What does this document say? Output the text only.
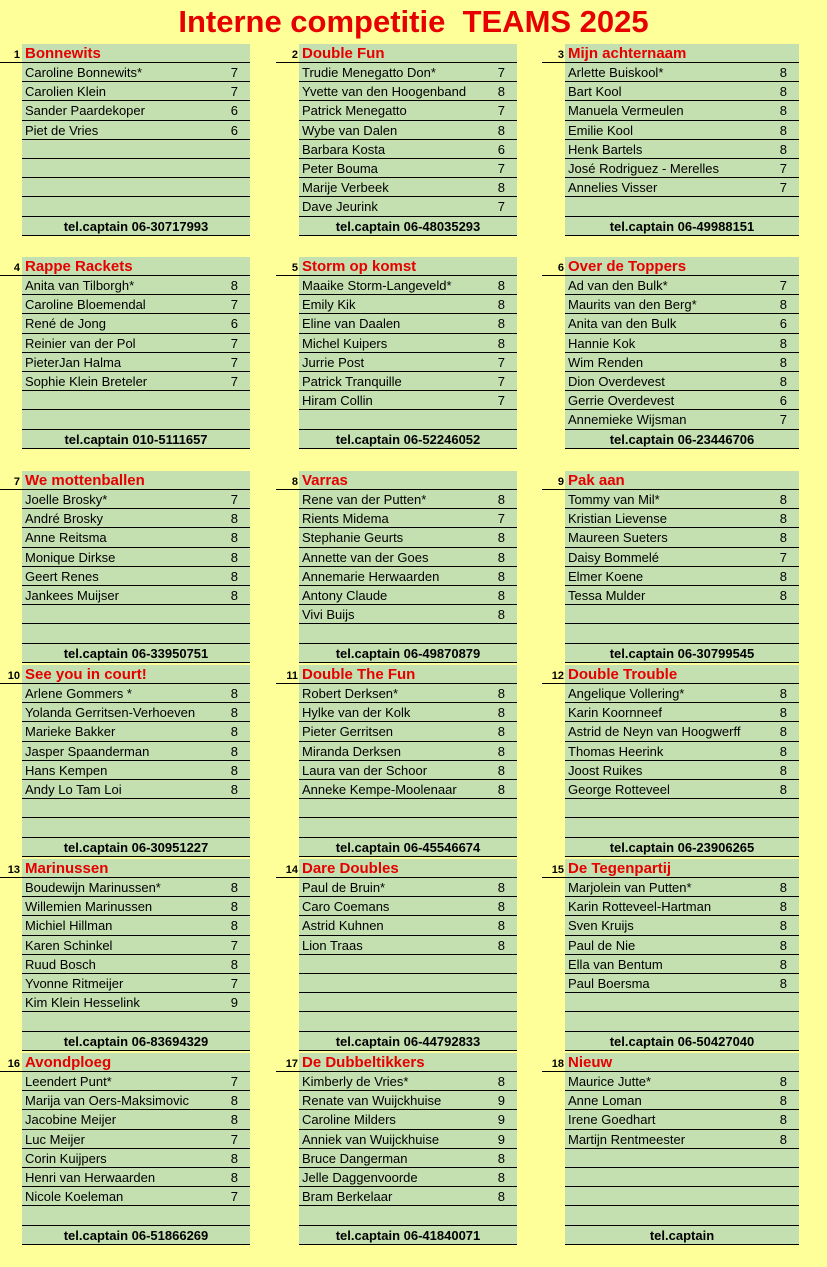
Interne competitie  TEAMS 2025
1 Bonnewits
Caroline Bonnewits*	7
Carolien Klein	7
Sander Paardekoper	6
Piet de Vries	6
tel.captain 06-30717993
2 Double Fun
Trudie Menegatto Don*	7
Yvette van den Hoogenband 8
Patrick Menegatto	7
Wybe van Dalen	8
Barbara Kosta	6
Peter Bouma	7
Marije Verbeek	8
Dave Jeurink	7
tel.captain 06-48035293
3 Mijn achternaam
Arlette Buiskool*	8
Bart Kool	8
Manuela Vermeulen	8
Emilie Kool	8
Henk Bartels	8
José Rodriguez - Merelles	7
Annelies Visser	7
tel.captain 06-49988151
4 Rappe Rackets
Anita van Tilborgh*	8
Caroline Bloemendal	7
René de Jong	6
Reinier van der Pol	7
PieterJan Halma	7
Sophie Klein Breteler	7
tel.captain 010-5111657
5 Storm op komst
Maaike Storm-Langeveld*	8
Emily Kik	8
Eline van Daalen	8
Michel Kuipers	8
Jurrie Post	7
Patrick Tranquille	7
Hiram Collin	7
tel.captain 06-52246052
6 Over de Toppers
Ad van den Bulk*	7
Maurits van den Berg*	8
Anita van den Bulk	6
Hannie Kok	8
Wim Renden	8
Dion Overdevest	8
Gerrie Overdevest	6
Annemieke Wijsman	7
tel.captain 06-23446706
7 We mottenballen
Joelle Brosky*	7
André Brosky	8
Anne Reitsma	8
Monique Dirkse	8
Geert Renes	8
Jankees Muijser	8
tel.captain 06-33950751
8 Varras
Rene van der Putten*	8
Rients Midema	7
Stephanie Geurts	8
Annette van der Goes	8
Annemarie Herwaarden	8
Antony Claude	8
Vivi Buijs	8
tel.captain 06-49870879
9 Pak aan
Tommy van Mil*	8
Kristian Lievense	8
Maureen Sueters	8
Daisy Bommelé	7
Elmer Koene	8
Tessa Mulder	8
tel.captain 06-30799545
10 See you in court!
Arlene Gommers *	8
Yolanda Gerritsen-Verhoeven	8
Marieke Bakker	8
Jasper Spaanderman	8
Hans Kempen	8
Andy Lo Tam Loi	8
tel.captain 06-30951227
11 Double The Fun
Robert Derksen*	8
Hylke van der Kolk	8
Pieter Gerritsen	8
Miranda Derksen	8
Laura van der Schoor	8
Anneke Kempe-Moolenaar	8
tel.captain 06-45546674
12 Double Trouble
Angelique Vollering*	8
Karin Koornneef	8
Astrid de Neyn van Hoogwerff	8
Thomas Heerink	8
Joost Ruikes	8
George Rotteveel	8
tel.captain 06-23906265
13 Marinussen
Boudewijn Marinussen*	8
Willemien Marinussen	8
Michiel Hillman	8
Karen Schinkel	7
Ruud Bosch	8
Yvonne Ritmeijer	7
Kim Klein Hesselink	9
tel.captain 06-83694329
14 Dare Doubles
Paul de Bruin*	8
Caro Coemans	8
Astrid Kuhnen	8
Lion Traas	8
tel.captain 06-44792833
15 De Tegenpartij
Marjolein van Putten*	8
Karin Rotteveel-Hartman	8
Sven Kruijs	8
Paul de Nie	8
Ella van Bentum	8
Paul Boersma	8
tel.captain 06-50427040
16 Avondploeg
Leendert Punt*	7
Marija van Oers-Maksimovic	8
Jacobine Meijer	8
Luc Meijer	7
Corin Kuijpers	8
Henri van Herwaarden	8
Nicole Koeleman	7
tel.captain 06-51866269
17 De Dubbeltikkers
Kimberly de Vries*	8
Renate van Wuijckhuise	9
Caroline Milders	9
Anniek van Wuijckhuise	9
Bruce Dangerman	8
Jelle Daggenvoorde	8
Bram Berkelaar	8
tel.captain 06-41840071
18 Nieuw
Maurice Jutte*	8
Anne Loman	8
Irene Goedhart	8
Martijn Rentmeester	8
tel.captain
